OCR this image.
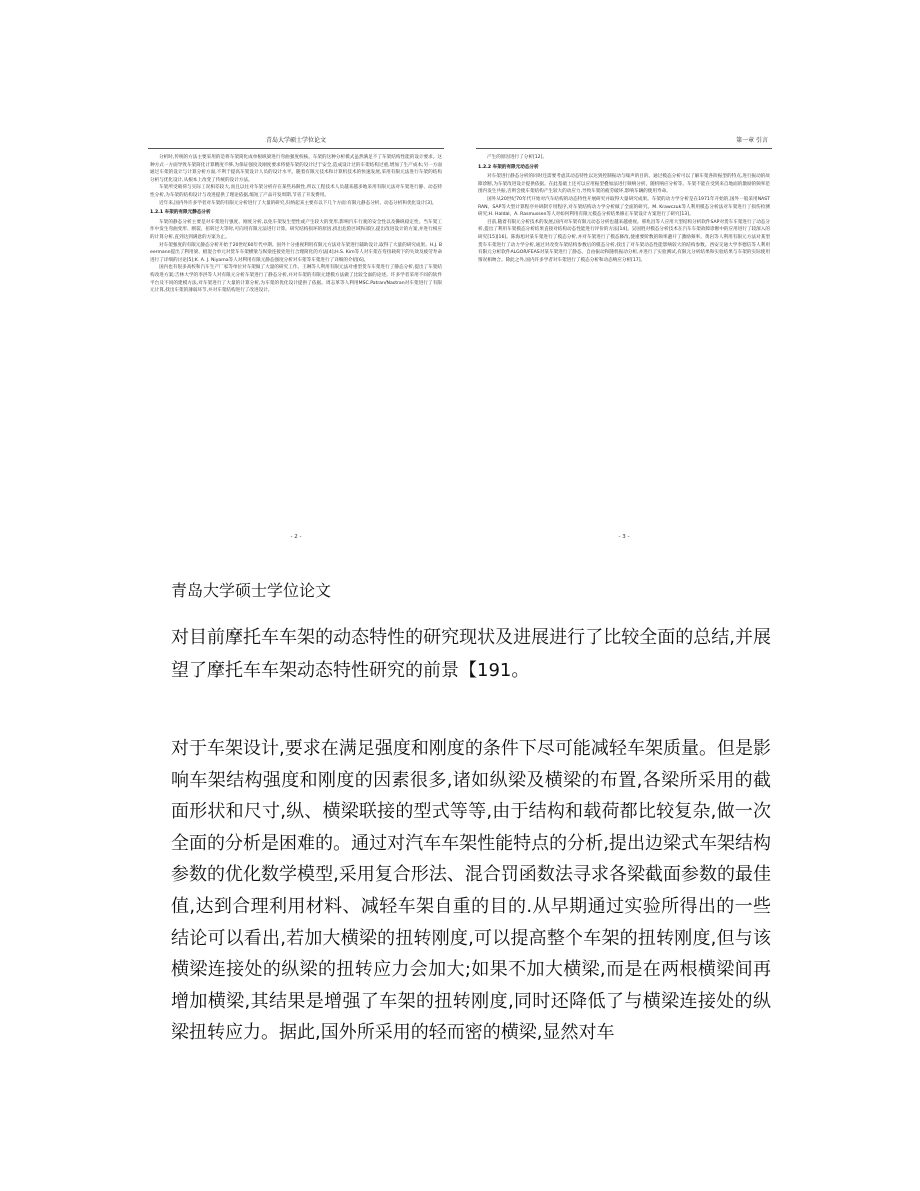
青岛大学硕士学位论文
分析时,传统的方法主要采用的是将车架简化成单根纵梁进行弯曲强度校核。车架的这种分析模式虽然满足不了车架结构性能的设计要求。这种方式一方面导致车架简化计算精度不够,为保证强度及刚度要求将使车架的设计过于安全,造成设计过的车架结构过重,增加了生产成本;另一方面通过车架的设计与计算分析方面,不利于提高车架设计人员的设计水平。随着有限元技术和计算机技术的快速发展,采用有限元法进行车架的结构分析与优化设计,从根本上改变了传统的设计方法。
车架所受载荷与实际工况相差较大,而且以往对车架分析存在某些局限性,所以工程技术人员越来越多地采用有限元法对车架进行静、动态特性分析,为车架的结构设计与改进提供了理论依据,缩短了产品开发周期,节省了开发费用。
近年来,国内外许多学者对车架的有限元分析进行了大量的研究,归纳起来主要有以下几个方面:有限元静态分析、动态分析和优化设计[3]。
1.2.1 车架的有限元静态分析
车架的静态分析主要是对车架进行强度、刚度分析,以免车架发生塑性或产生较大的变形,影响汽车行驶的安全性以及操纵稳定性。当车架工作中发生弯曲变形、断裂、扭转过大等时,可向用有限元法进行计算。研究结构损坏的原因,找出危险区域和部位,提出改进设计的方案,并进行相应的计算分析,直到达到满意的方案为止。
对车架强度的有限元静态分析开始于20世纪60年代中期。国外十分重视利用有限元方法对车架进行辅助设计,取得了大量的研究成果。H.J. Beermann提出了利用梁、板混合单元对货车车架横梁与纵梁连接处进行合理简化的方法[4];H.S. Kim等人对车架在弯扭载荷下的失效及疲劳寿命进行了详细的讨论[5];K. A. J. Niyama等人对利用有限元静态强度分析对车架等车架进行了详细的介绍[6]。
国内也有很多高校和汽车生产厂家等单位对车架做了大量的研究工作。王琳等人利用有限元法对重型货车车架进行了静态分析,提出了车架结构改进方案;吉林大学的李洪等人对有限元分析车架进行了静态分析,并对车架的有限元建模方法做了比较全面的论述。许多学者采用不同的软件平台及不同的建模方法,对车架进行了大量的计算分析,为车架的优化设计提供了依据。周志革等人利用MSC.Patran/Nastran对车架进行了有限元计算,找出车架的薄弱环节,并对车架结构进行了改进设计。
- 2 -
第一章 引言
产生的原因进行了分析[12]。
1.2.2 车架的有限元动态分析
对车架进行静态分析的同时还需要考虑其动态特性以达到控制振动与噪声的目的。通过模态分析可以了解车架各阶振型的特点,进行振动的故障诊断,为车架改进设计提供依据。在此基础上还可以应用振型叠加法进行频响分析、随机响应分析等。车架不能在受到来自地面的激励的频率范围内发生共振,否则会使车架结构产生较大的动应力,导致车架的疲劳破坏,影响车辆的使用寿命。
国外从20世纪70年代开始对汽车结构的动态特性开展研究并取得大量研究成果。车架的动力学分析是在1971年开始的,国外一般采用NASTRAN、SAP等大型计算程序并研制专用程序,对车架结构动力学分析做了全面的研究。M. Krawczuk等人利用模态分析法对车架进行了损伤检测研究;H. Haldal、A. Rasmussen等人对如何利用有限元模态分析结果修正车架设计方案进行了研究[13]。
目前,随着有限元分析技术的发展,国内对车架有限元动态分析也越来越重视。邢兆昌等人应用大型结构分析软件SAP对货车车架进行了动态分析,提出了利用车架模态分析结果直接对结构动态性能进行评价的方法[14]。吴国胜对模态分析技术在汽车车架故障诊断中的应用进行了较深入的研究[15][16]。陈海旭对某车架进行了模态分析,并对车架进行了模态修改,使重要阶数的频率避开了激励频率。黄岩等人利用有限元方法对某型货车车架进行了动力学分析,通过对改变车架结构参数后的模态分析,找出了对车架动态性能影响较大的结构参数。西安交通大学李德信等人利用有限元分析软件ALGOR/FEAS对某车架进行了静态、自由振动和随机振动分析,并进行了实验测试,有限元分析结果和实验结果与车架的实际使用情况相吻合。除此之外,国内许多学者对车架进行了模态分析和动态响应分析[17]。
- 3 -
青岛大学硕士学位论文
对目前摩托车车架的动态特性的研究现状及进展进行了比较全面的总结,并展望了摩托车车架动态特性研究的前景【191。
对于车架设计,要求在满足强度和刚度的条件下尽可能减轻车架质量。但是影响车架结构强度和刚度的因素很多,诸如纵梁及横梁的布置,各梁所采用的截面形状和尺寸,纵、横梁联接的型式等等,由于结构和载荷都比较复杂,做一次全面的分析是困难的。通过对汽车车架性能特点的分析,提出边梁式车架结构参数的优化数学模型,采用复合形法、混合罚函数法寻求各梁截面参数的最佳值,达到合理利用材料、减轻车架自重的目的.从早期通过实验所得出的一些结论可以看出,若加大横梁的扭转刚度,可以提高整个车架的扭转刚度,但与该横梁连接处的纵梁的扭转应力会加大;如果不加大横梁,而是在两根横梁间再增加横梁,其结果是增强了车架的扭转刚度,同时还降低了与横梁连接处的纵梁扭转应力。据此,国外所采用的轻而密的横梁,显然对车
